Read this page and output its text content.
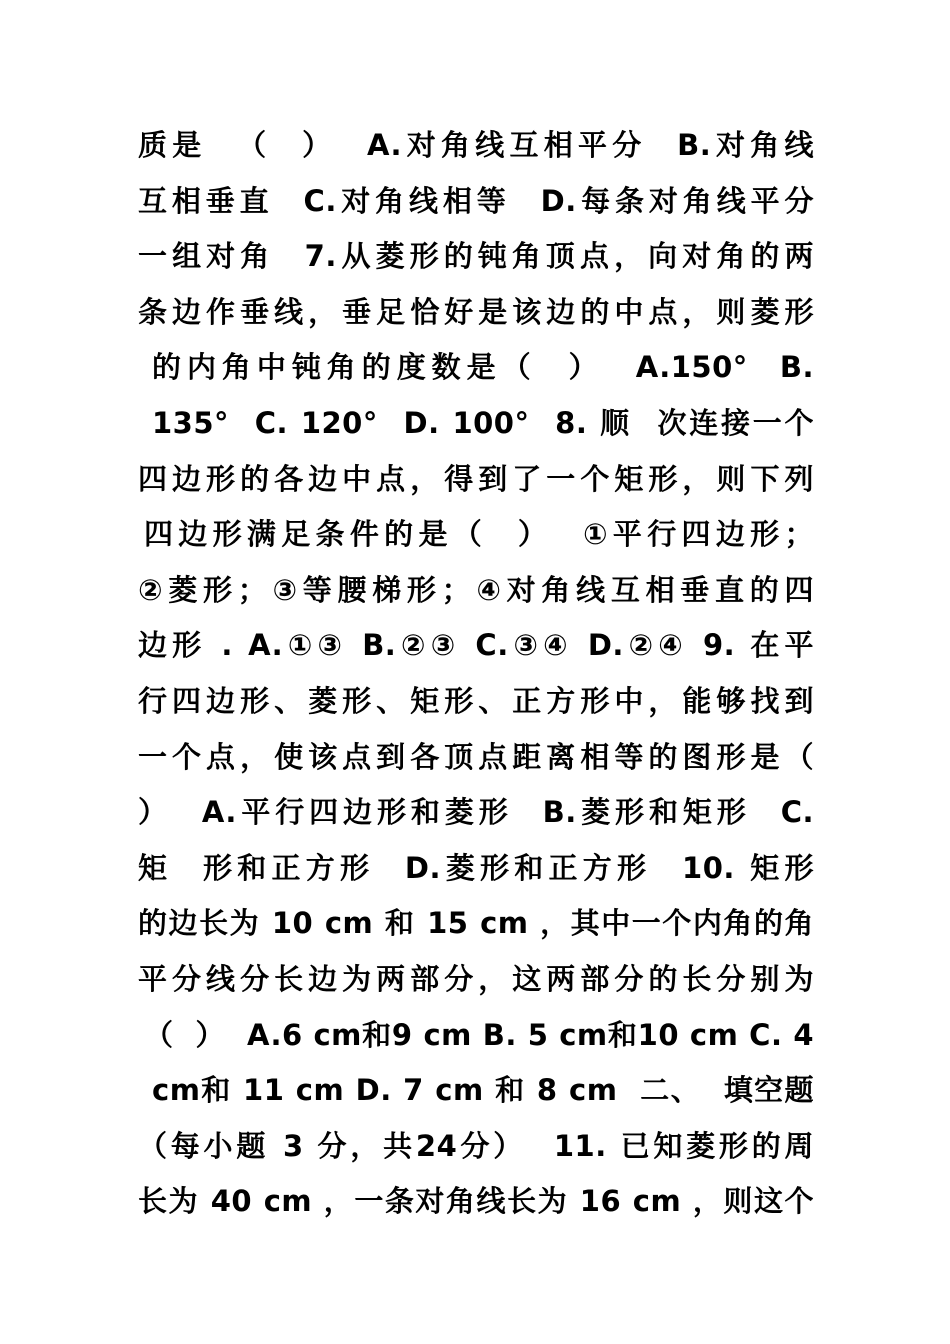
质是  （  ）  A.对角线互相平分  B.对角线
互相垂直  C.对角线相等  D.每条对角线平分
一组对角  7.从菱形的钝角顶点，向对角的两
条边作垂线，垂足恰好是该边的中点，则菱形
的内角中钝角的度数是（  ）  A.150°  B.
135°  C. 120°  D. 100°  8. 顺  次连接一个
四边形的各边中点，得到了一个矩形，则下列
四边形满足条件的是（  ）  ①平行四边形；
②菱形；③等腰梯形；④对角线互相垂直的四
边形 . A.①③ B.②③ C.③④ D.②④ 9. 在平
行四边形、菱形、矩形、正方形中，能够找到
一个点，使该点到各顶点距离相等的图形是（
）  A.平行四边形和菱形  B.菱形和矩形  C.
矩  形和正方形  D.菱形和正方形  10. 矩形
的边长为 10 cm 和 15 cm ，其中一个内角的角
平分线分长边为两部分，这两部分的长分别为
（  ）  A.6 cm和9 cm B. 5 cm和10 cm C. 4
cm和 11 cm D. 7 cm 和 8 cm  二、  填空题
（每小题 3 分，共24分）  11. 已知菱形的周
长为 40 cm ，一条对角线长为 16 cm ，则这个
